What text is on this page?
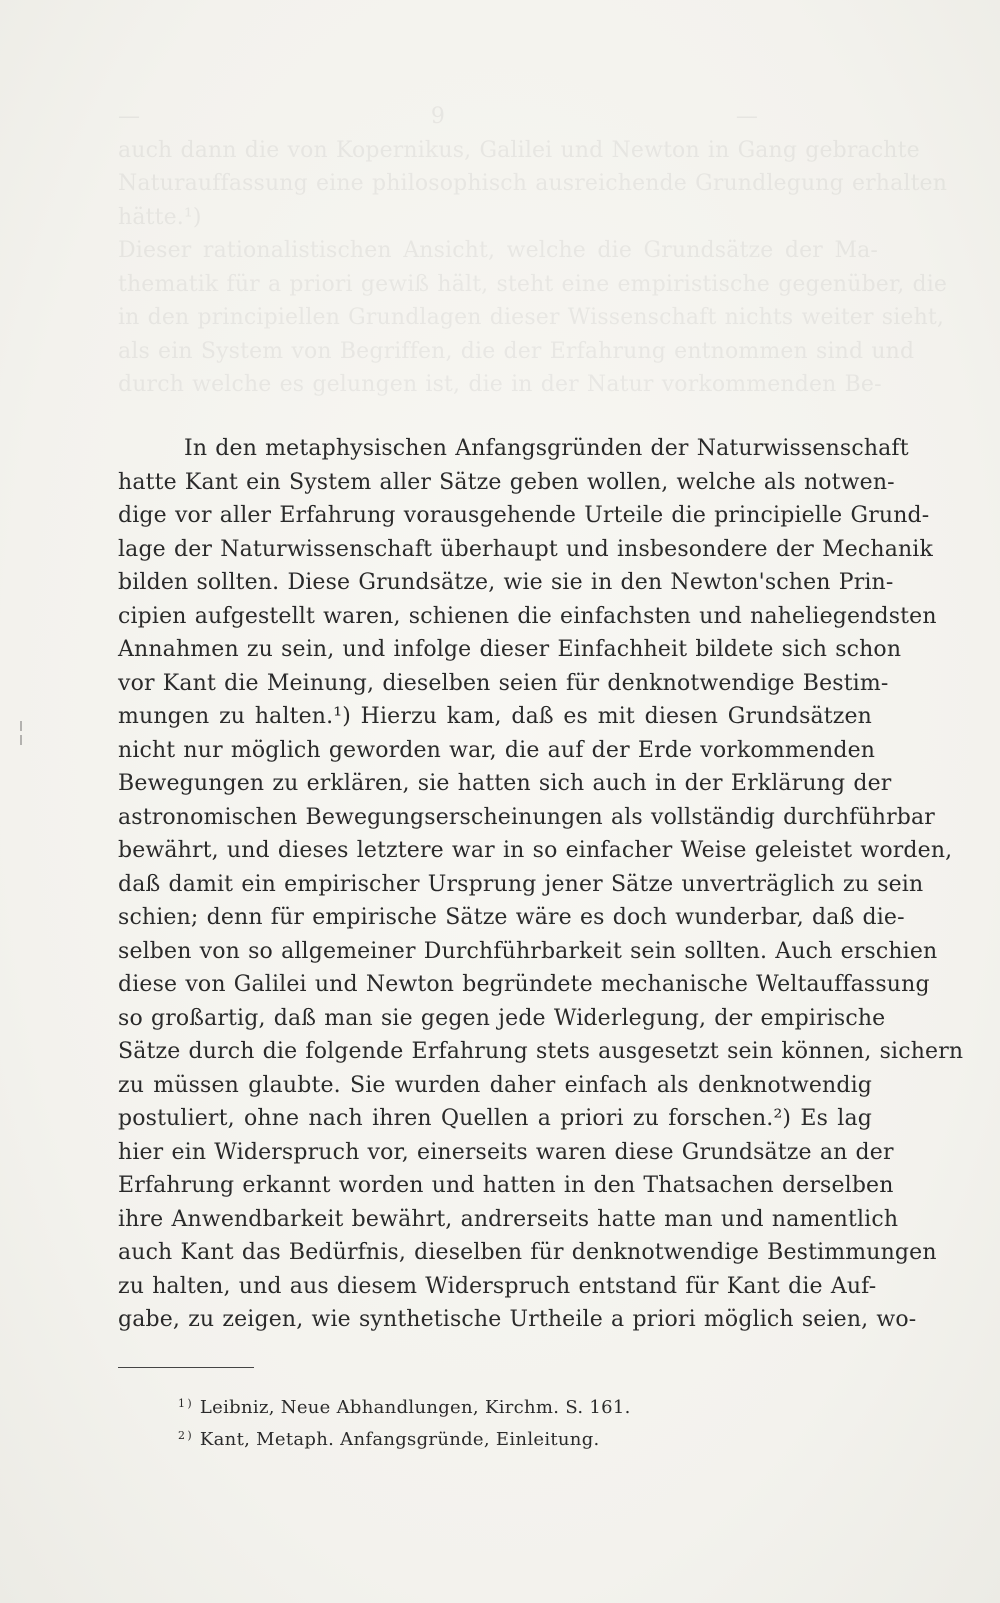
— 9 —
auch dann die von Kopernikus, Galilei und Newton in Gang gebrachte
Naturauffassung eine philosophisch ausreichende Grundlegung erhalten
hätte.¹)
Dieser rationalistischen Ansicht, welche die Grundsätze der Ma-
thematik für a priori gewiß hält, steht eine empiristische gegenüber, die
in den principiellen Grundlagen dieser Wissenschaft nichts weiter sieht,
als ein System von Begriffen, die der Erfahrung entnommen sind und
durch welche es gelungen ist, die in der Natur vorkommenden Be-
In den metaphysischen Anfangsgründen der Naturwissenschaft
hatte Kant ein System aller Sätze geben wollen, welche als notwen-
dige vor aller Erfahrung vorausgehende Urteile die principielle Grund-
lage der Naturwissenschaft überhaupt und insbesondere der Mechanik
bilden sollten. Diese Grundsätze, wie sie in den Newton'schen Prin-
cipien aufgestellt waren, schienen die einfachsten und naheliegendsten
Annahmen zu sein, und infolge dieser Einfachheit bildete sich schon
vor Kant die Meinung, dieselben seien für denknotwendige Bestim-
mungen zu halten.¹) Hierzu kam, daß es mit diesen Grundsätzen
nicht nur möglich geworden war, die auf der Erde vorkommenden
Bewegungen zu erklären, sie hatten sich auch in der Erklärung der
astronomischen Bewegungserscheinungen als vollständig durchführbar
bewährt, und dieses letztere war in so einfacher Weise geleistet worden,
daß damit ein empirischer Ursprung jener Sätze unverträglich zu sein
schien; denn für empirische Sätze wäre es doch wunderbar, daß die-
selben von so allgemeiner Durchführbarkeit sein sollten. Auch erschien
diese von Galilei und Newton begründete mechanische Weltauffassung
so großartig, daß man sie gegen jede Widerlegung, der empirische
Sätze durch die folgende Erfahrung stets ausgesetzt sein können, sichern
zu müssen glaubte. Sie wurden daher einfach als denknotwendig
postuliert, ohne nach ihren Quellen a priori zu forschen.²) Es lag
hier ein Widerspruch vor, einerseits waren diese Grundsätze an der
Erfahrung erkannt worden und hatten in den Thatsachen derselben
ihre Anwendbarkeit bewährt, andrerseits hatte man und namentlich
auch Kant das Bedürfnis, dieselben für denknotwendige Bestimmungen
zu halten, und aus diesem Widerspruch entstand für Kant die Auf-
gabe, zu zeigen, wie synthetische Urtheile a priori möglich seien, wo-
$^1$ ) Leibniz, Neue Abhandlungen, Kirchm. S. 161.
$^2$ ) Kant, Metaph. Anfangsgründe, Einleitung.
